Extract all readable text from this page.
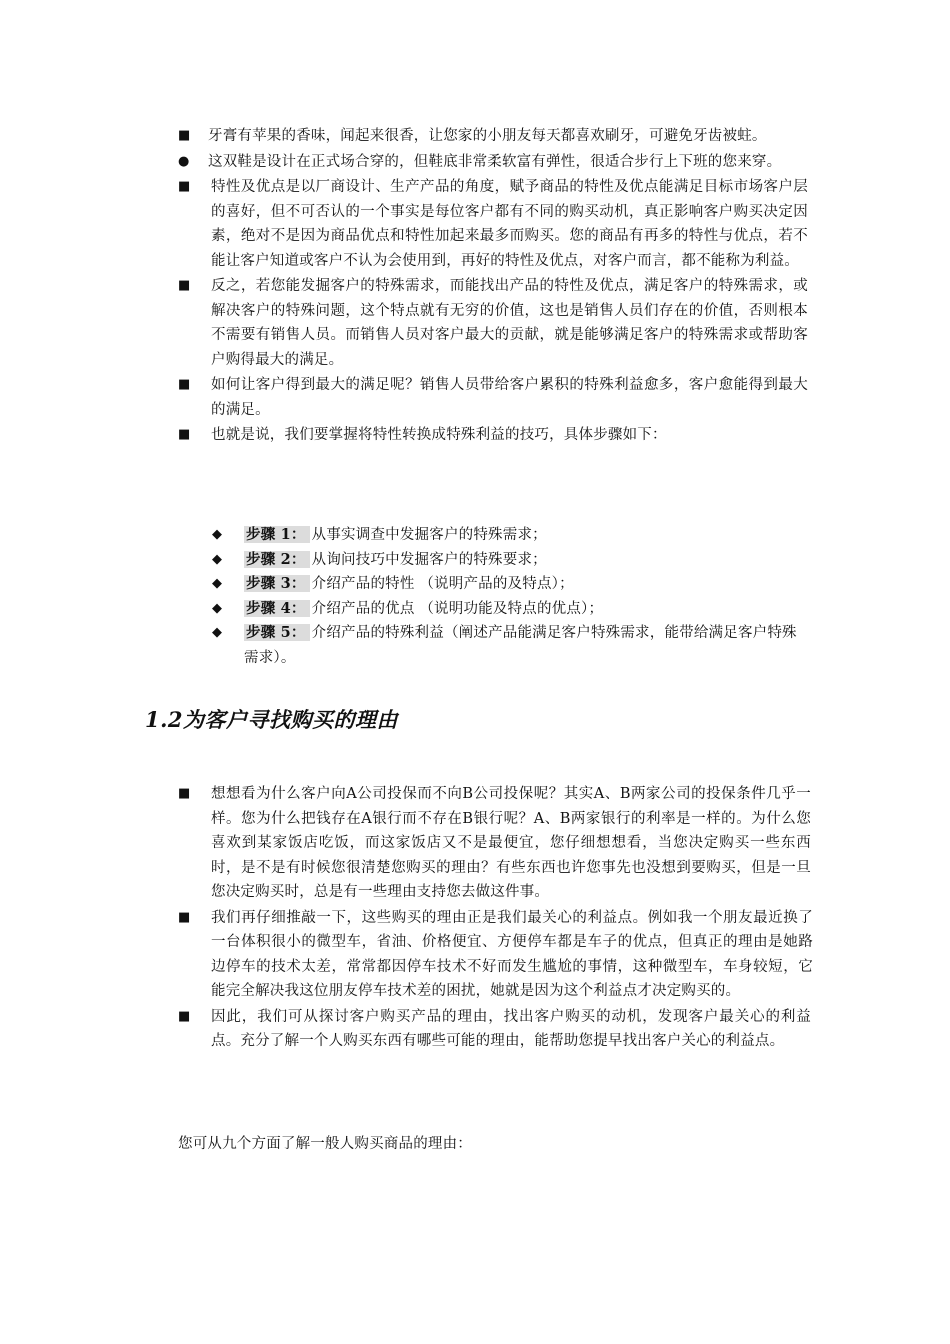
■	牙膏有苹果的香味，闻起来很香，让您家的小朋友每天都喜欢刷牙，可避免牙齿被蛀。
●	这双鞋是设计在正式场合穿的，但鞋底非常柔软富有弹性，很适合步行上下班的您来穿。
■	特性及优点是以厂商设计、生产产品的角度，赋予商品的特性及优点能满足目标市场客户层的喜好，但不可否认的一个事实是每位客户都有不同的购买动机，真正影响客户购买决定因素，绝对不是因为商品优点和特性加起来最多而购买。您的商品有再多的特性与优点，若不能让客户知道或客户不认为会使用到，再好的特性及优点，对客户而言，都不能称为利益。
■	反之，若您能发掘客户的特殊需求，而能找出产品的特性及优点，满足客户的特殊需求，或解决客户的特殊问题，这个特点就有无穷的价值，这也是销售人员们存在的价值，否则根本不需要有销售人员。而销售人员对客户最大的贡献，就是能够满足客户的特殊需求或帮助客户购得最大的满足。
■	如何让客户得到最大的满足呢？销售人员带给客户累积的特殊利益愈多，客户愈能得到最大的满足。
■	也就是说，我们要掌握将特性转换成特殊利益的技巧，具体步骤如下：
◆	步骤 1： 从事实调查中发掘客户的特殊需求；
◆	步骤 2： 从询问技巧中发掘客户的特殊要求；
◆	步骤 3： 介绍产品的特性 （说明产品的及特点）；
◆	步骤 4： 介绍产品的优点 （说明功能及特点的优点）；
◆	步骤 5： 介绍产品的特殊利益（阐述产品能满足客户特殊需求，能带给满足客户特殊需求）。
1.2为客户寻找购买的理由
■	想想看为什么客户向A公司投保而不向B公司投保呢？其实A、B两家公司的投保条件几乎一样。您为什么把钱存在A银行而不存在B银行呢？A、B两家银行的利率是一样的。为什么您喜欢到某家饭店吃饭，而这家饭店又不是最便宜，您仔细想想看，当您决定购买一些东西时，是不是有时候您很清楚您购买的理由？有些东西也许您事先也没想到要购买，但是一旦您决定购买时，总是有一些理由支持您去做这件事。
■	我们再仔细推敲一下，这些购买的理由正是我们最关心的利益点。例如我一个朋友最近换了一台体积很小的微型车，省油、价格便宜、方便停车都是车子的优点，但真正的理由是她路边停车的技术太差，常常都因停车技术不好而发生尴尬的事情，这种微型车，车身较短，它能完全解决我这位朋友停车技术差的困扰，她就是因为这个利益点才决定购买的。
■	因此，我们可从探讨客户购买产品的理由，找出客户购买的动机，发现客户最关心的利益点。充分了解一个人购买东西有哪些可能的理由，能帮助您提早找出客户关心的利益点。
您可从九个方面了解一般人购买商品的理由：
